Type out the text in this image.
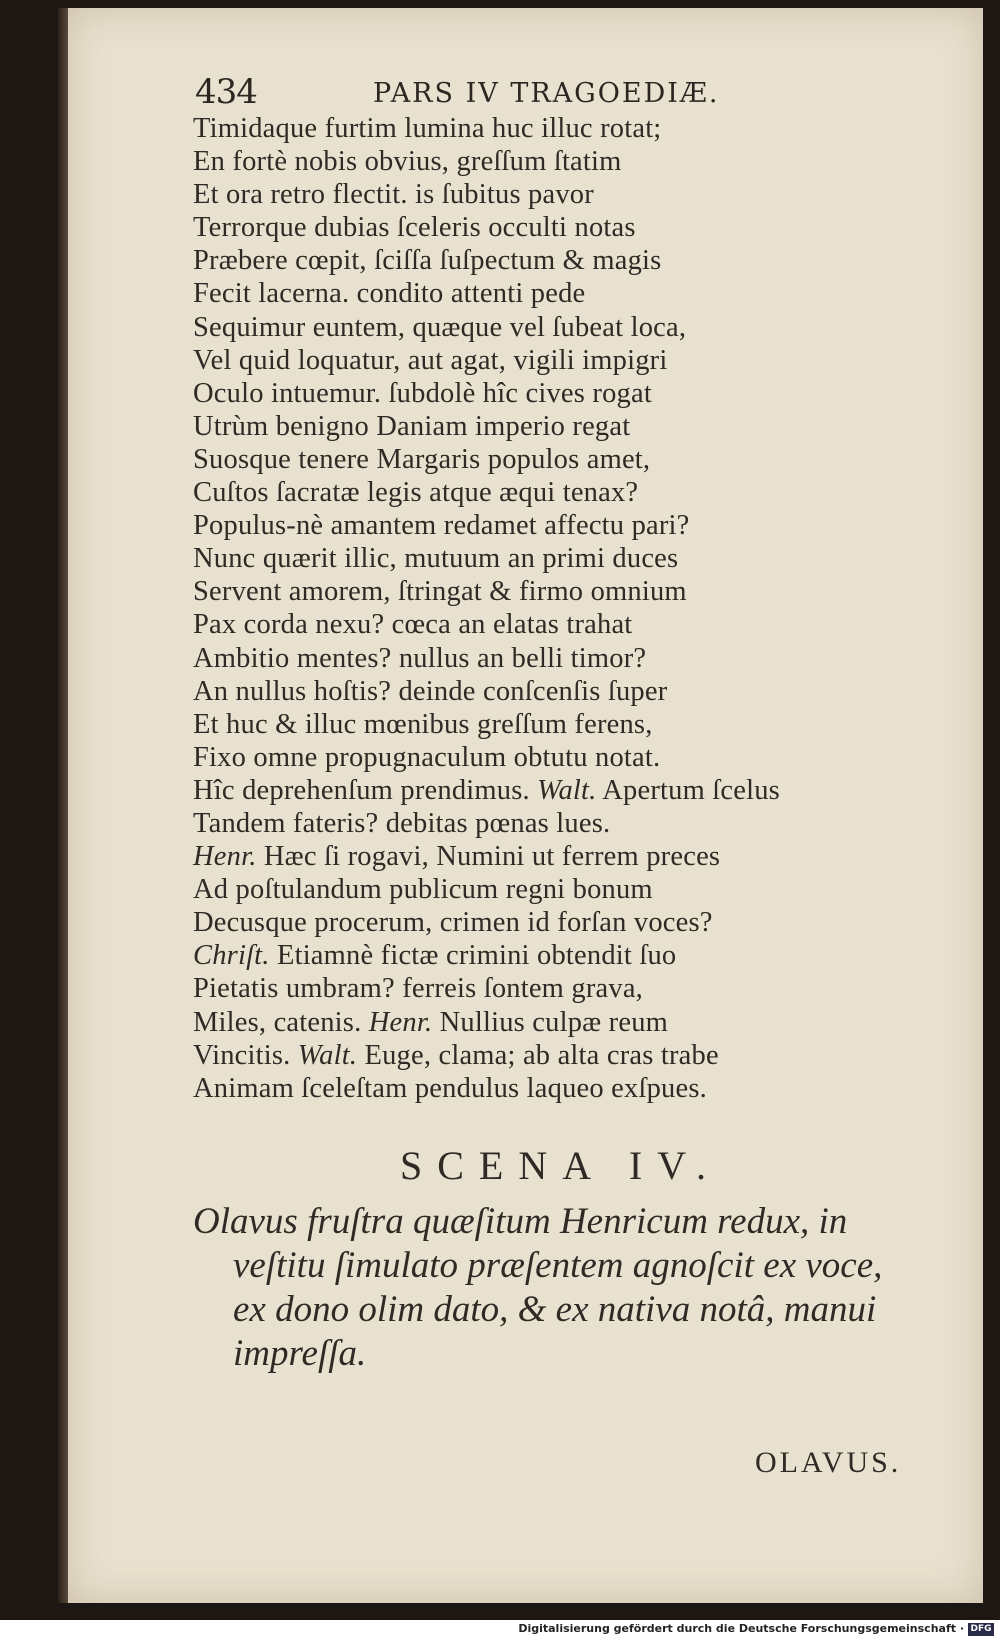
434	PARS IV TRAGOEDIÆ.
Timidaque furtim lumina huc illuc rotat;
En fortè nobis obvius, greſſum ſtatim
Et ora retro flectit. is ſubitus pavor
Terrorque dubias ſceleris occulti notas
Præbere cœpit, ſciſſa ſuſpectum & magis
Fecit lacerna. condito attenti pede
Sequimur euntem, quæque vel ſubeat loca,
Vel quid loquatur, aut agat, vigili impigri
Oculo intuemur. ſubdolè hîc cives rogat
Utrùm benigno Daniam imperio regat
Suosque tenere Margaris populos amet,
Cuſtos ſacratæ legis atque æqui tenax?
Populus-nè amantem redamet affectu pari?
Nunc quærit illic, mutuum an primi duces
Servent amorem, ſtringat & firmo omnium
Pax corda nexu? cœca an elatas trahat
Ambitio mentes? nullus an belli timor?
An nullus hoſtis? deinde conſcenſis ſuper
Et huc & illuc mœnibus greſſum ferens,
Fixo omne propugnaculum obtutu notat.
Hîc deprehenſum prendimus. Walt. Apertum ſcelus
Tandem fateris? debitas pœnas lues.
Henr. Hæc ſi rogavi, Numini ut ferrem preces
Ad poſtulandum publicum regni bonum
Decusque procerum, crimen id forſan voces?
Chriſt. Etiamnè fictæ crimini obtendit ſuo
Pietatis umbram? ferreis ſontem grava,
Miles, catenis. Henr. Nullius culpæ reum
Vincitis. Walt. Euge, clama; ab alta cras trabe
Animam ſceleſtam pendulus laqueo exſpues.
SCENA IV.
Olavus fruſtra quæſitum Henricum redux, in
veſtitu ſimulato præſentem agnoſcit ex voce,
ex dono olim dato, & ex nativa notâ, manui
impreſſa.
OLAVUS.
Digitalisierung gefördert durch die Deutsche Forschungsgemeinschaft · DFG
